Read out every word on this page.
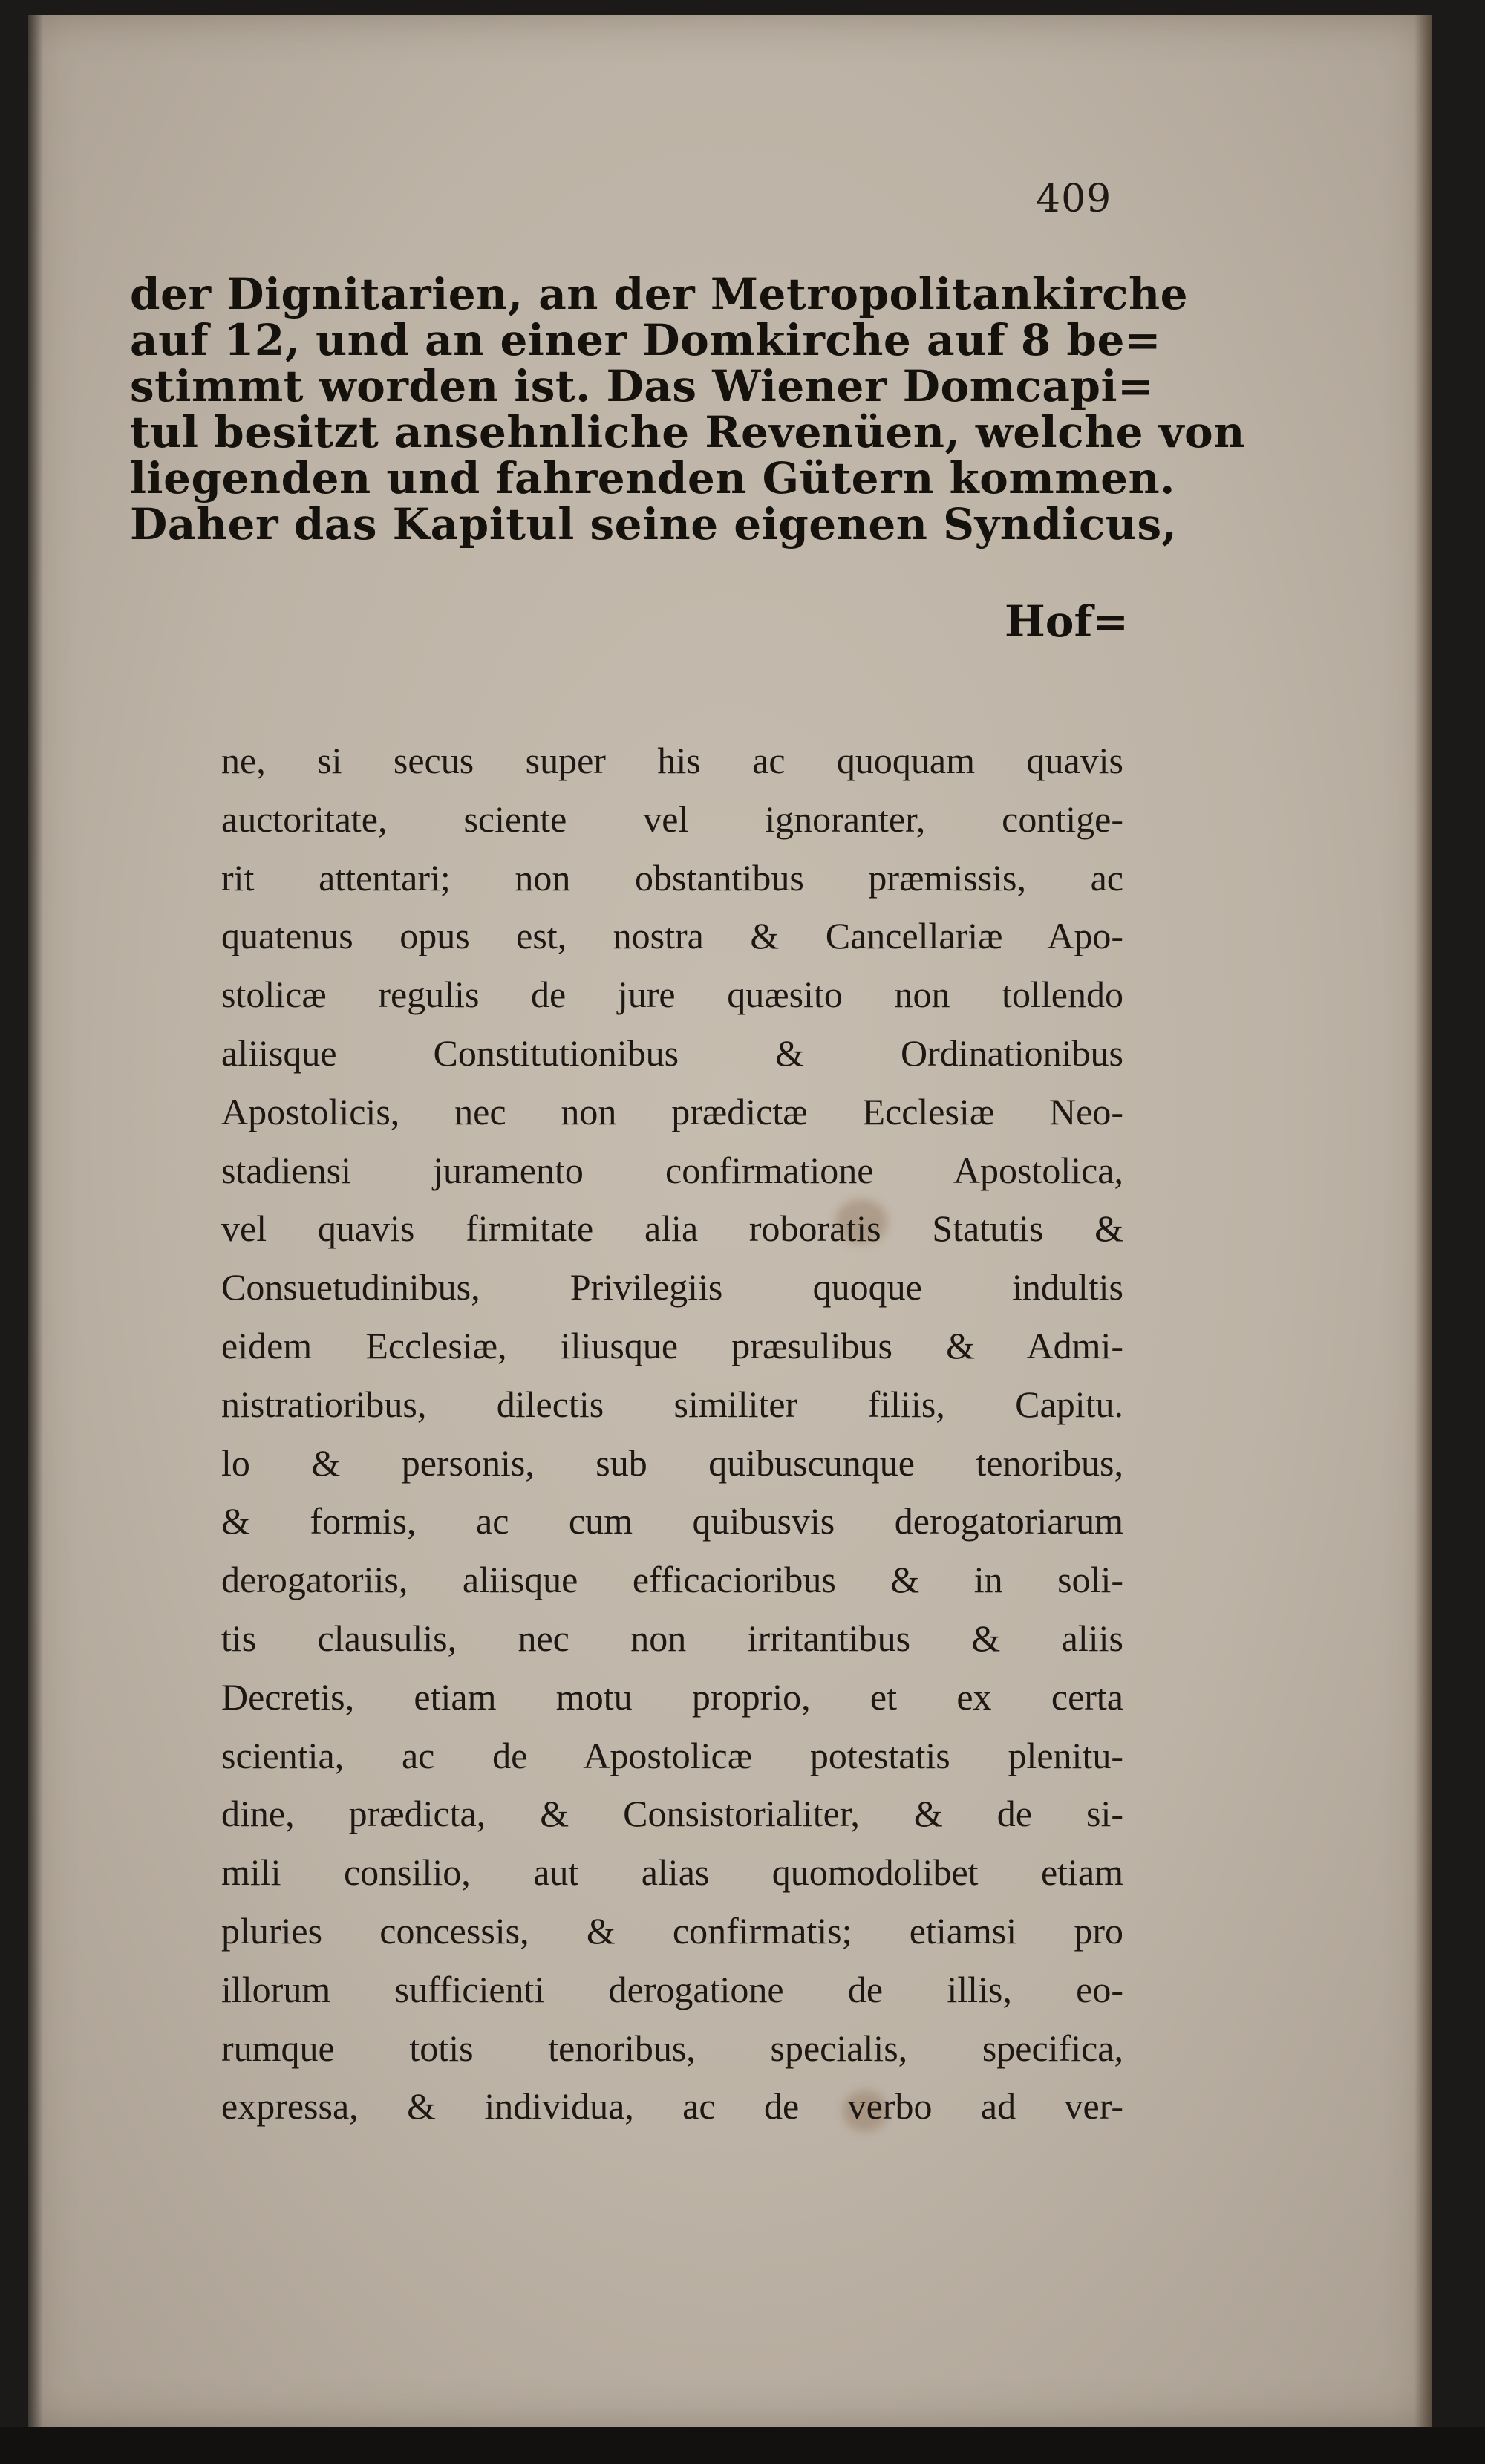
409
der Dignitarien, an der Metropolitankirche
auf 12, und an einer Domkirche auf 8 be=
stimmt worden ist. Das Wiener Domcapi=
tul besitzt ansehnliche Revenüen, welche von
liegenden und fahrenden Gütern kommen.
Daher das Kapitul seine eigenen Syndicus,
Hof=
ne, si secus super his ac quoquam quavis
auctoritate, sciente vel ignoranter, contige-
rit attentari; non obstantibus præmissis, ac
quatenus opus est, nostra & Cancellariæ Apo-
stolicæ regulis de jure quæsito non tollendo
aliisque Constitutionibus & Ordinationibus
Apostolicis, nec non prædictæ Ecclesiæ Neo-
stadiensi juramento confirmatione Apostolica,
vel quavis firmitate alia roboratis Statutis &
Consuetudinibus, Privilegiis quoque indultis
eidem Ecclesiæ, iliusque præsulibus & Admi-
nistratioribus, dilectis similiter filiis, Capitu.
lo & personis, sub quibuscunque tenoribus,
& formis, ac cum quibusvis derogatoriarum
derogatoriis, aliisque efficacioribus & in soli-
tis clausulis, nec non irritantibus & aliis
Decretis, etiam motu proprio, et ex certa
scientia, ac de Apostolicæ potestatis plenitu-
dine, prædicta, & Consistorialiter, & de si-
mili consilio, aut alias quomodolibet etiam
pluries concessis, & confirmatis; etiamsi pro
illorum sufficienti derogatione de illis, eo-
rumque totis tenoribus, specialis, specifica,
expressa, & individua, ac de verbo ad ver-
